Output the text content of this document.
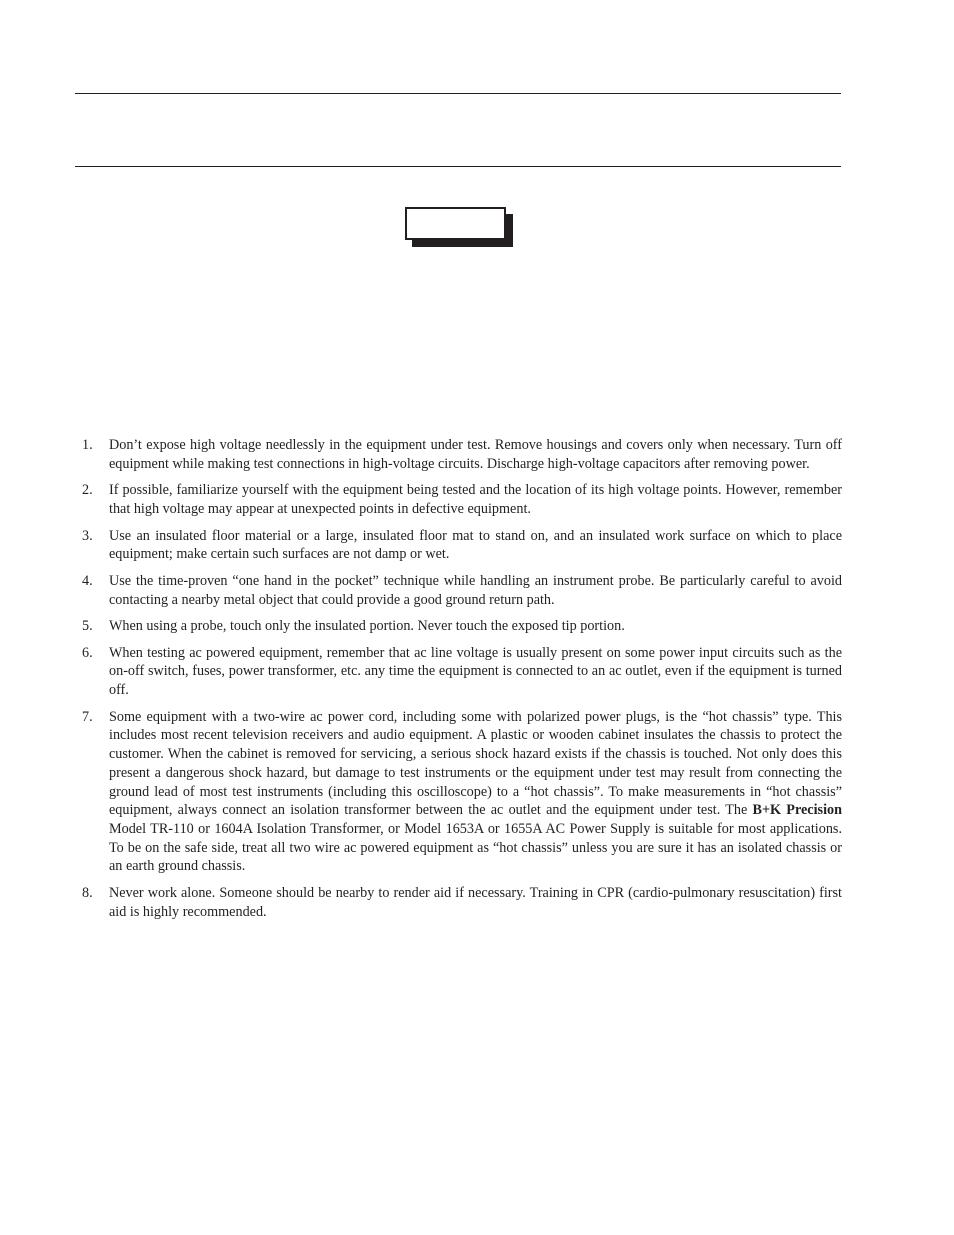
1.	Don’t expose high voltage needlessly in the equipment under test. Remove housings and covers only when necessary. Turn off equipment while making test connections in high-voltage circuits. Discharge high-voltage capacitors after removing power.
2.	If possible, familiarize yourself with the equipment being tested and the location of its high voltage points. However, remember that high voltage may appear at unexpected points in defective equipment.
3.	Use an insulated floor material or a large, insulated floor mat to stand on, and an insulated work surface on which to place equipment; make certain such surfaces are not damp or wet.
4.	Use the time-proven “one hand in the pocket” technique while handling an instrument probe. Be particularly careful to avoid contacting a nearby metal object that could provide a good ground return path.
5.	When using a probe, touch only the insulated portion. Never touch the exposed tip portion.
6.	When testing ac powered equipment, remember that ac line voltage is usually present on some power input circuits such as the on-off switch, fuses, power transformer, etc. any time the equipment is connected to an ac outlet, even if the equipment is turned off.
7.	Some equipment with a two-wire ac power cord, including some with polarized power plugs, is the “hot chassis” type. This includes most recent television receivers and audio equipment. A plastic or wooden cabinet insulates the chassis to protect the customer. When the cabinet is removed for servicing, a serious shock hazard exists if the chassis is touched. Not only does this present a dangerous shock hazard, but damage to test instruments or the equipment under test may result from connecting the ground lead of most test instruments (including this oscilloscope) to a “hot chassis”. To make measurements in “hot chassis” equipment, always connect an isolation transformer between the ac outlet and the equipment under test. The B+K Precision Model TR-110 or 1604A Isolation Transformer, or Model 1653A or 1655A AC Power Supply is suitable for most applications. To be on the safe side, treat all two wire ac powered equipment as “hot chassis” unless you are sure it has an isolated chassis or an earth ground chassis.
8.	Never work alone. Someone should be nearby to render aid if necessary. Training in CPR (cardio-pulmonary resuscitation) first aid is highly recommended.
